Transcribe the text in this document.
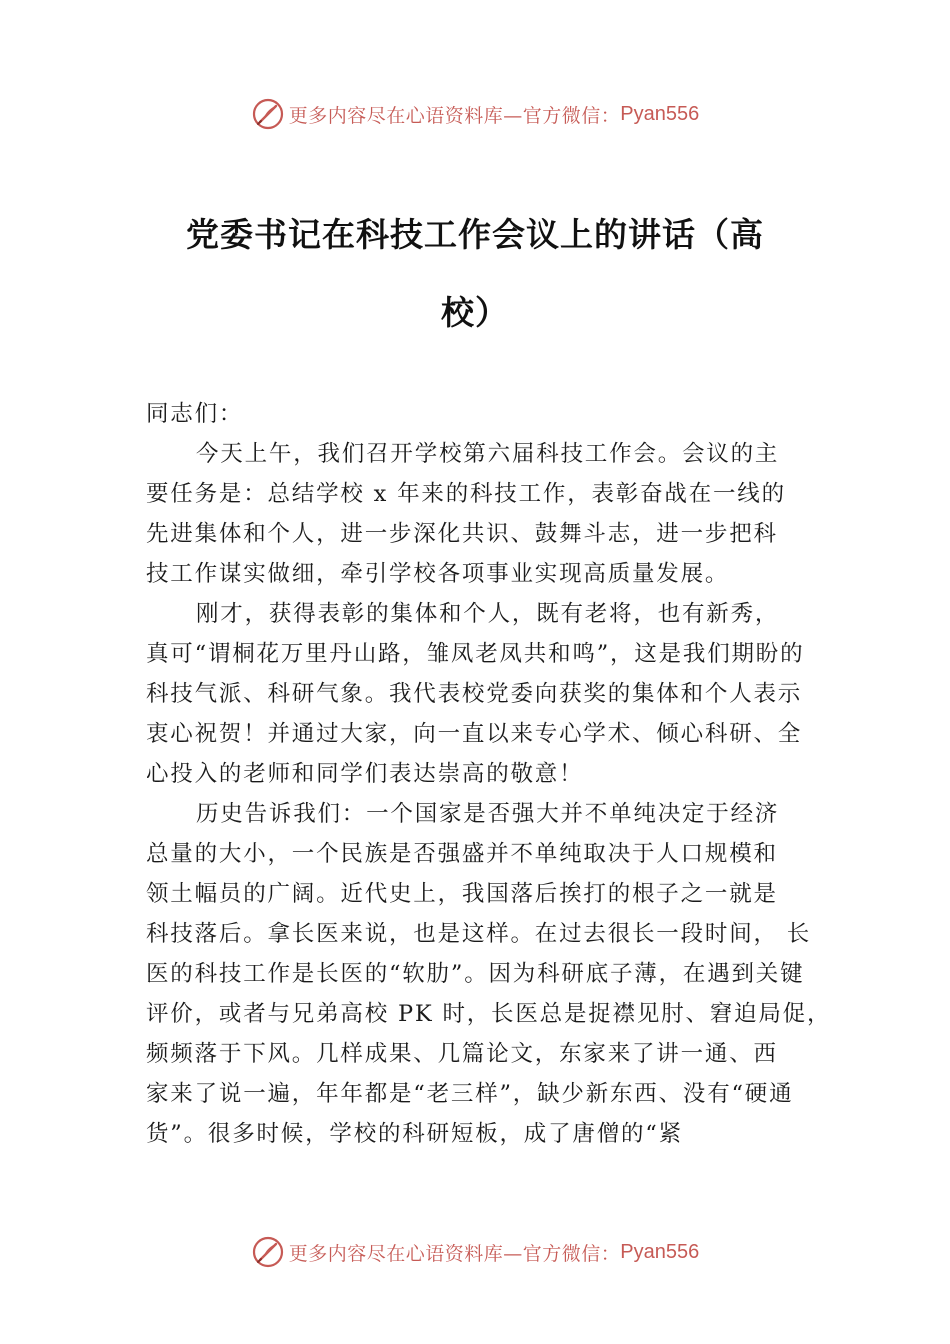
更多内容尽在心语资料库—官方微信： Pyan556
党委书记在科技工作会议上的讲话（高
校）
同志们：
今天上午，我们召开学校第六届科技工作会。会议的主
要任务是：总结学校 x 年来的科技工作，表彰奋战在一线的
先进集体和个人，进一步深化共识、鼓舞斗志，进一步把科
技工作谋实做细，牵引学校各项事业实现高质量发展。
刚才，获得表彰的集体和个人，既有老将，也有新秀，
真可“谓桐花万里丹山路，雏凤老凤共和鸣”，这是我们期盼的
科技气派、科研气象。我代表校党委向获奖的集体和个人表示
衷心祝贺！并通过大家，向一直以来专心学术、倾心科研、全
心投入的老师和同学们表达崇高的敬意！
历史告诉我们：一个国家是否强大并不单纯决定于经济
总量的大小，一个民族是否强盛并不单纯取决于人口规模和
领土幅员的广阔。近代史上，我国落后挨打的根子之一就是
科技落后。拿长医来说，也是这样。在过去很长一段时间， 长
医的科技工作是长医的“软肋”。因为科研底子薄，在遇到关键
评价，或者与兄弟高校 PK 时，长医总是捉襟见肘、窘迫局促，
频频落于下风。几样成果、几篇论文，东家来了讲一通、西
家来了说一遍，年年都是“老三样”，缺少新东西、没有“硬通
货”。很多时候，学校的科研短板，成了唐僧的“紧
更多内容尽在心语资料库—官方微信： Pyan556
